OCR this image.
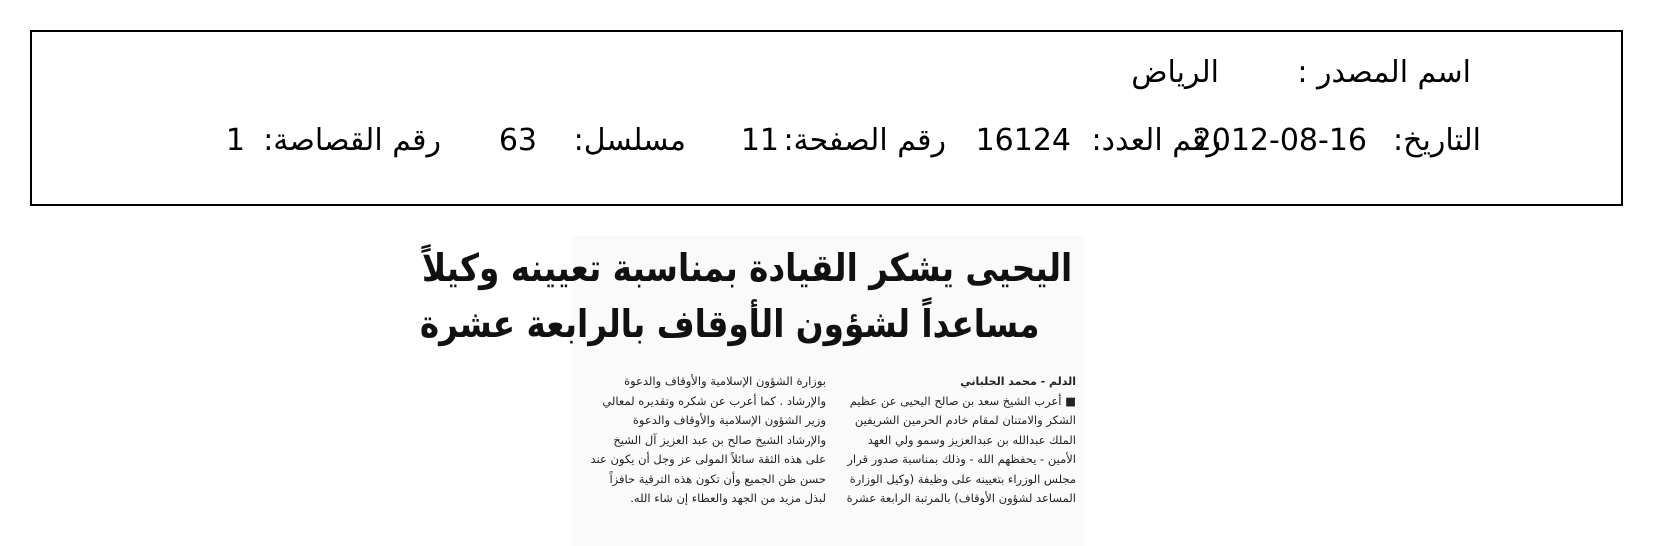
اسم المصدر :
الرياض
التاريخ:
2012-08-16
رقم العدد:
16124
رقم الصفحة:
11
مسلسل:
63
رقم القصاصة:
1
اليحيى يشكر القيادة بمناسبة تعيينه وكيلاً
مساعداً لشؤون الأوقاف بالرابعة عشرة
الدلم - محمد الحلباني
■ أعرب الشيخ سعد بن صالح اليحيى عن عظيم
الشكر والامتنان لمقام خادم الحرمين الشريفين
الملك عبدالله بن عبدالعزيز وسمو ولي العهد
الأمين - يحفظهم الله - وذلك بمناسبة صدور قرار
مجلس الوزراء بتعيينه على وظيفة (وكيل الوزارة
المساعد لشؤون الأوقاف) بالمرتبة الرابعة عشرة
بوزارة الشؤون الإسلامية والأوقاف والدعوة
والإرشاد . كما أعرب عن شكره وتقديره لمعالي
وزير الشؤون الإسلامية والأوقاف والدعوة
والإرشاد الشيخ صالح بن عبد العزيز آل الشيخ
على هذه الثقة سائلاً المولى عز وجل أن يكون عند
حسن ظن الجميع وأن تكون هذه الترقية حافزاً
لبذل مزيد من الجهد والعطاء إن شاء الله.
